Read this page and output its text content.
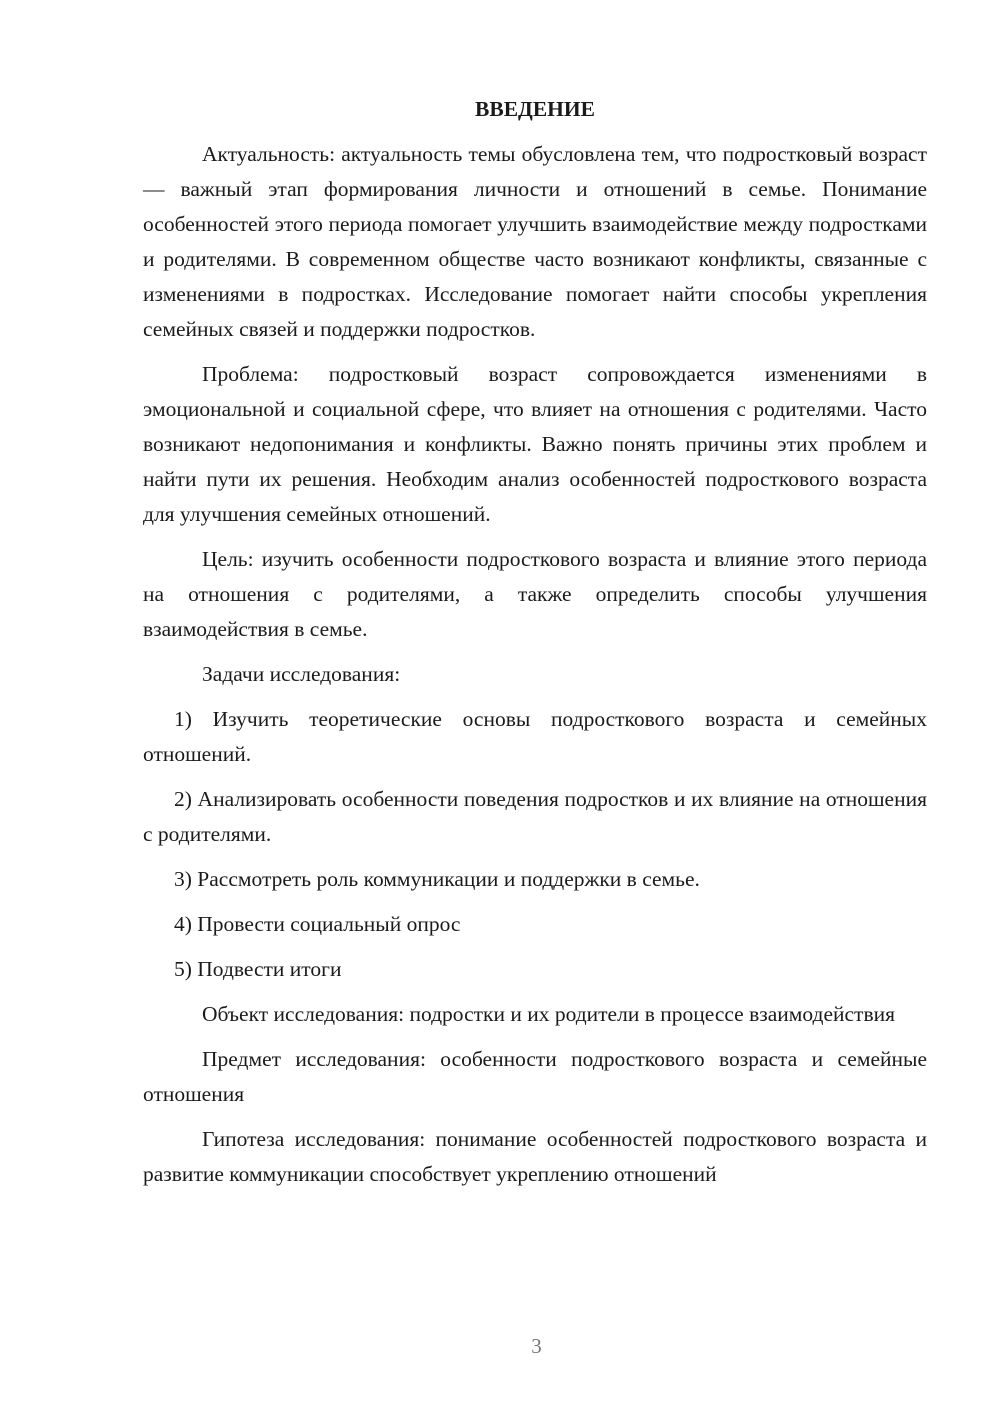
ВВЕДЕНИЕ

Актуальность: актуальность темы обусловлена тем, что подростковый возраст — важный этап формирования личности и отношений в семье. Понимание особенностей этого периода помогает улучшить взаимодействие между подростками и родителями. В современном обществе часто возникают конфликты, связанные с изменениями в подростках. Исследование помогает найти способы укрепления семейных связей и поддержки подростков.

Проблема: подростковый возраст сопровождается изменениями в эмоциональной и социальной сфере, что влияет на отношения с родителями. Часто возникают недопонимания и конфликты. Важно понять причины этих проблем и найти пути их решения. Необходим анализ особенностей подросткового возраста для улучшения семейных отношений.

Цель: изучить особенности подросткового возраста и влияние этого периода на отношения с родителями, а также определить способы улучшения взаимодействия в семье.

Задачи исследования:

1) Изучить теоретические основы подросткового возраста и семейных отношений.

2) Анализировать особенности поведения подростков и их влияние на отношения с родителями.

3) Рассмотреть роль коммуникации и поддержки в семье.

4) Провести социальный опрос

5) Подвести итоги

Объект исследования: подростки и их родители в процессе взаимодействия

Предмет исследования: особенности подросткового возраста и семейные отношения

Гипотеза исследования: понимание особенностей подросткового возраста и развитие коммуникации способствует укреплению отношений

3
